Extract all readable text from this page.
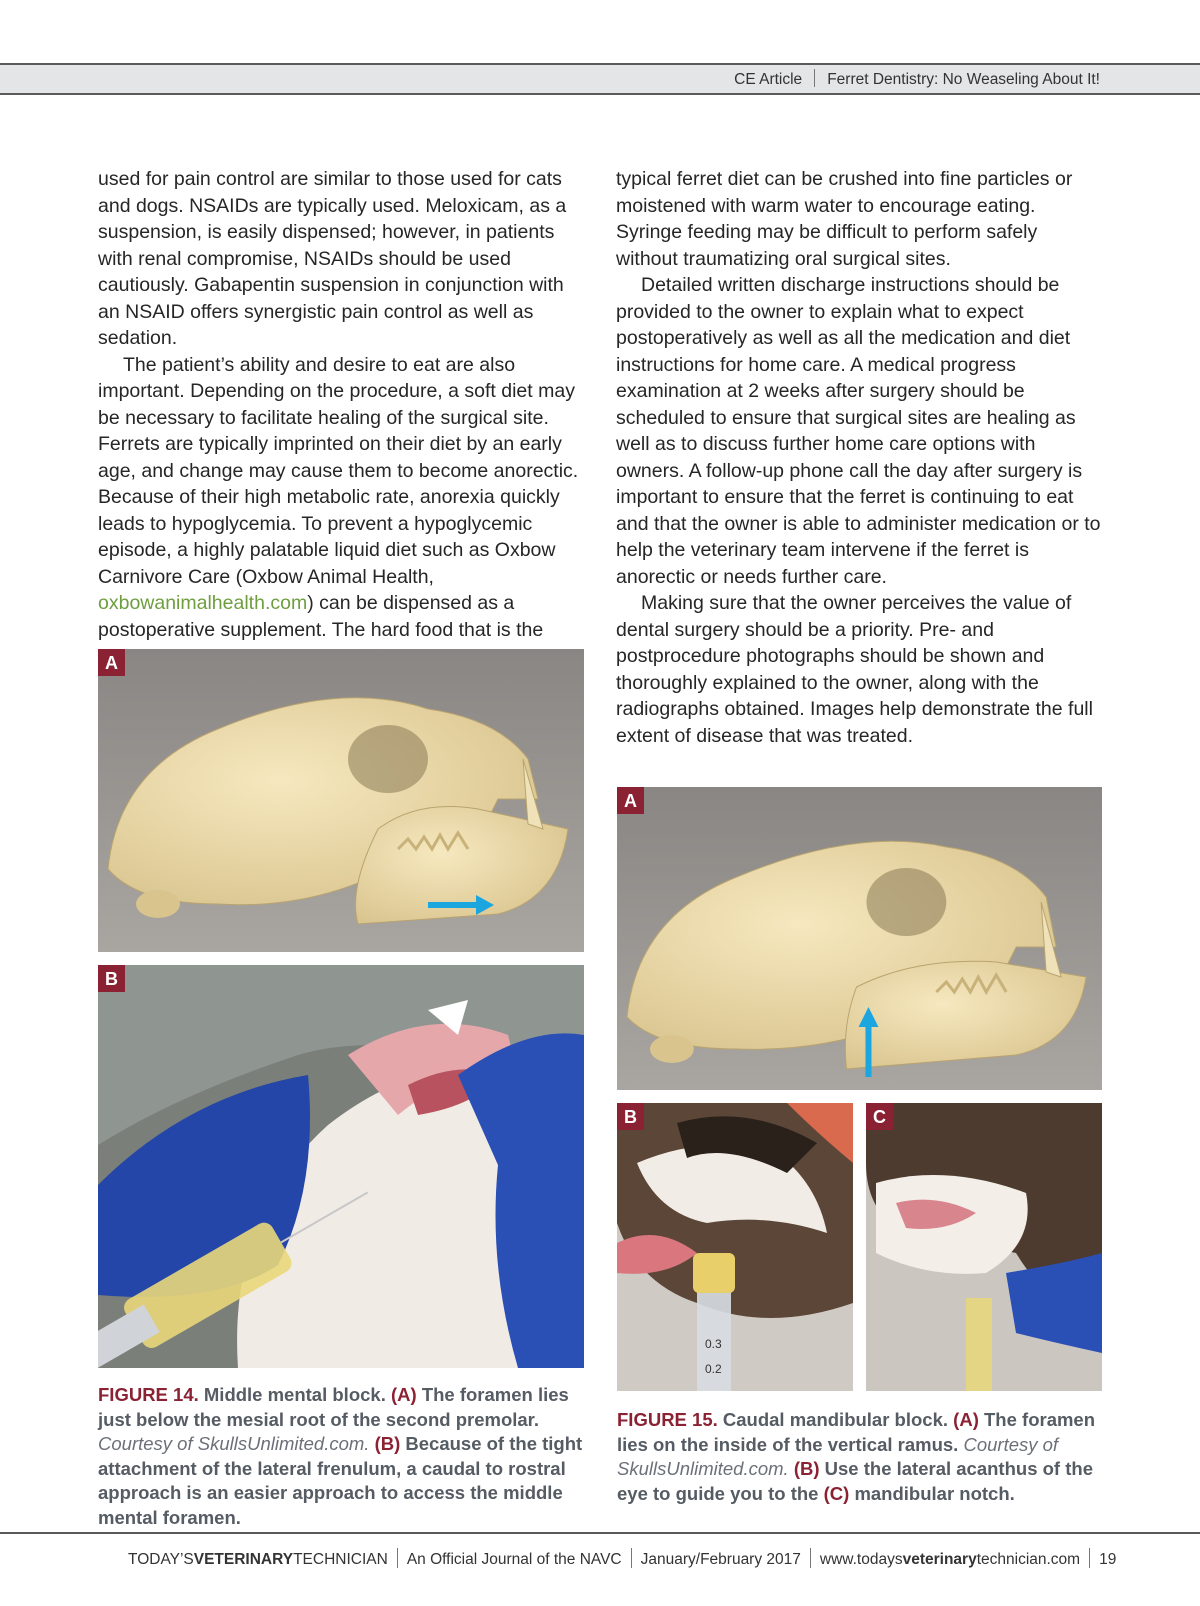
CE Article Ferret Dentistry: No Weaseling About It!

used for pain control are similar to those used for cats and dogs. NSAIDs are typically used. Meloxicam, as a suspension, is easily dispensed; however, in patients with renal compromise, NSAIDs should be used cautiously. Gabapentin suspension in conjunction with an NSAID offers synergistic pain control as well as sedation.

The patient’s ability and desire to eat are also important. Depending on the procedure, a soft diet may be necessary to facilitate healing of the surgical site. Ferrets are typically imprinted on their diet by an early age, and change may cause them to become anorectic. Because of their high metabolic rate, anorexia quickly leads to hypoglycemia. To prevent a hypoglycemic episode, a highly palatable liquid diet such as Oxbow Carnivore Care (Oxbow Animal Health, oxbowanimalhealth.com) can be dispensed as a postoperative supplement. The hard food that is the

typical ferret diet can be crushed into fine particles or moistened with warm water to encourage eating. Syringe feeding may be difficult to perform safely without traumatizing oral surgical sites.

Detailed written discharge instructions should be provided to the owner to explain what to expect postoperatively as well as all the medication and diet instructions for home care. A medical progress examination at 2 weeks after surgery should be scheduled to ensure that surgical sites are healing as well as to discuss further home care options with owners. A follow-up phone call the day after surgery is important to ensure that the ferret is continuing to eat and that the owner is able to administer medication or to help the veterinary team intervene if the ferret is anorectic or needs further care.

Making sure that the owner perceives the value of dental surgery should be a priority. Pre- and postprocedure photographs should be shown and thoroughly explained to the owner, along with the radiographs obtained. Images help demonstrate the full extent of disease that was treated.

A
B
FIGURE 14. Middle mental block. (A) The foramen lies just below the mesial root of the second premolar. Courtesy of SkullsUnlimited.com. (B) Because of the tight attachment of the lateral frenulum, a caudal to rostral approach is an easier approach to access the middle mental foramen.
A
0.3
0.2
B	C
FIGURE 15. Caudal mandibular block. (A) The foramen lies on the inside of the vertical ramus. Courtesy of SkullsUnlimited.com. (B) Use the lateral acanthus of the eye to guide you to the (C) mandibular notch.
TODAY’SVETERINARYTECHNICIAN An Official Journal of the NAVC January/February 2017 www.todaysveterinarytechnician.com 19
